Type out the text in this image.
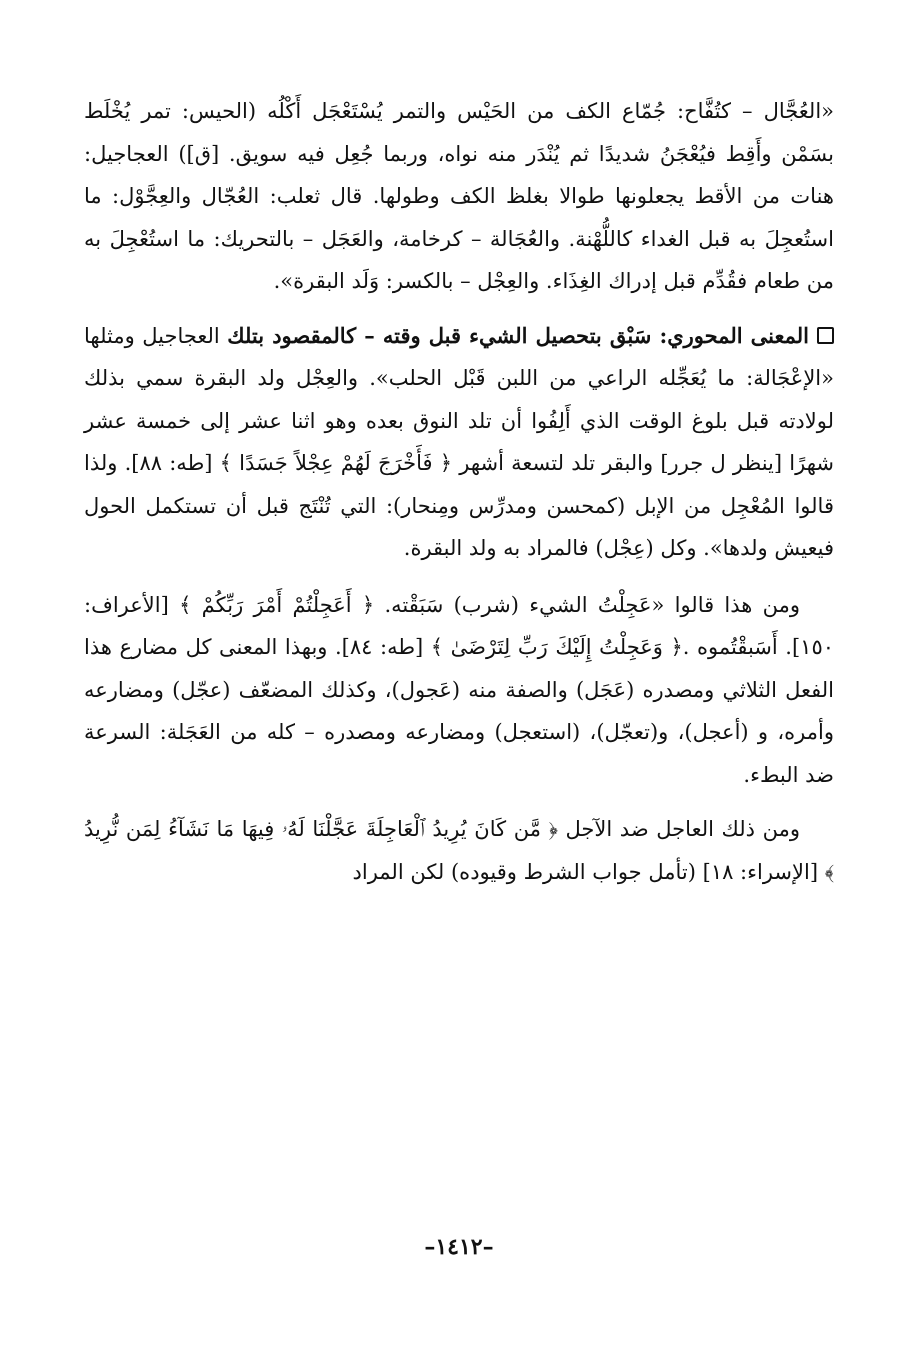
«العُجَّال – كتُفَّاح: جُمّاع الكف من الحَيْس والتمر يُسْتَعْجَل أَكْلُه (الحيس: تمر يُخْلَط بسَمْن وأَقِط فيُعْجَنُ شديدًا ثم يُنْدَر منه نواه، وربما جُعِل فيه سويق. [ق]) العجاجيل: هنات من الأقط يجعلونها طوالا بغلظ الكف وطولها. قال ثعلب: العُجّال والعِجَّوْل: ما استُعجِلَ به قبل الغداء كاللُّهْنة. والعُجَالة – كرخامة، والعَجَل – بالتحريك: ما استُعْجِلَ به من طعام فقُدِّم قبل إدراك الغِذَاء. والعِجْل – بالكسر: وَلَد البقرة».

المعنى المحوري: سَبْق بتحصيل الشيء قبل وقته – كالمقصود بتلك العجاجيل ومثلها «الإعْجَالة: ما يُعَجِّله الراعي من اللبن قَبْل الحلب». والعِجْل ولد البقرة سمي بذلك لولادته قبل بلوغ الوقت الذي أَلِفُوا أن تلد النوق بعده وهو اثنا عشر إلى خمسة عشر شهرًا [ينظر ل جرر] والبقر تلد لتسعة أشهر ﴿ فَأَخْرَجَ لَهُمْ عِجْلاً جَسَدًا ﴾ [طه: ٨٨]. ولذا قالوا المُعْجِل من الإبل (كمحسن ومدرِّس ومِنحار): التي تُنْتَج قبل أن تستكمل الحول فيعيش ولدها». وكل (عِجْل) فالمراد به ولد البقرة.

ومن هذا قالوا «عَجِلْتُ الشيء (شرب) سَبَقْته. ﴿ أَعَجِلْتُمْ أَمْرَ رَبِّكُمْ ﴾ [الأعراف: ١٥٠]. أَسَبقْتُموه .﴿ وَعَجِلْتُ إِلَيْكَ رَبِّ لِتَرْضَىٰ ﴾ [طه: ٨٤]. وبهذا المعنى كل مضارع هذا الفعل الثلاثي ومصدره (عَجَل) والصفة منه (عَجول)، وكذلك المضعّف (عجّل) ومضارعه وأمره، و (أعجل)، و(تعجّل)، (استعجل) ومضارعه ومصدره – كله من العَجَلة: السرعة ضد البطء.

ومن ذلك العاجل ضد الآجل ﴿ مَّن كَانَ يُرِيدُ ٱلْعَاجِلَةَ عَجَّلْنَا لَهُۥ فِيهَا مَا نَشَآءُ لِمَن نُّرِيدُ ﴾ [الإسراء: ١٨] (تأمل جواب الشرط وقيوده) لكن المراد

–١٤١٢–
